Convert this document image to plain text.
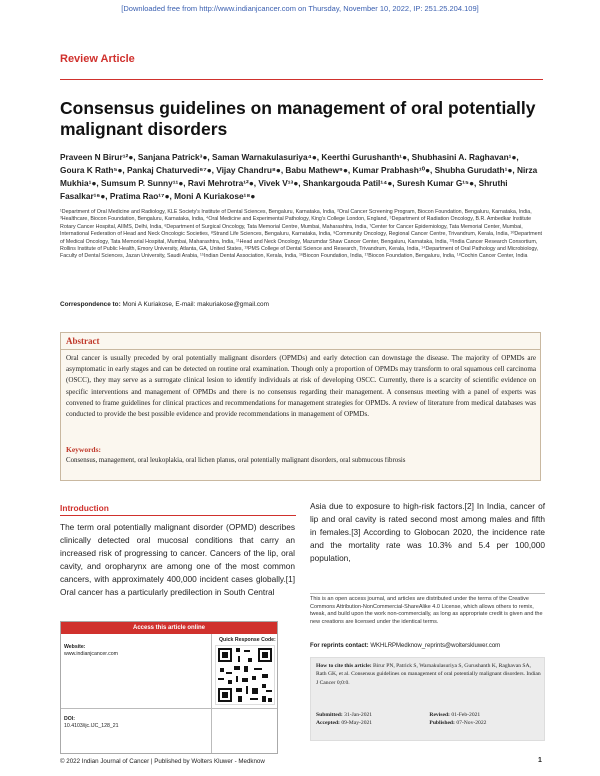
[Downloaded free from http://www.indianjcancer.com on Thursday, November 10, 2022, IP: 251.25.204.109]
Review Article
Consensus guidelines on management of oral potentially malignant disorders
Praveen N Birur¹²●, Sanjana Patrick³●, Saman Warnakulasuriya⁴●, Keerthi Gurushanth¹●, Shubhasini A. Raghavan¹●, Goura K Rath⁵●, Pankaj Chaturvedi⁶⁷●, Vijay Chandru⁸●, Babu Mathew⁹●, Kumar Prabhash¹⁰●, Shubha Gurudath¹●, Nirza Mukhia¹●, Sumsum P. Sunny¹¹●, Ravi Mehrotra¹²●, Vivek V¹³●, Shankargouda Patil¹⁴●, Suresh Kumar G¹⁵●, Shruthi Fasalkar¹⁶●, Pratima Rao¹⁷●, Moni A Kuriakose¹⁸●
¹Department of Oral Medicine and Radiology, KLE Society's Institute of Dental Sciences, Bengaluru, Karnataka, India, ²Oral Cancer Screening Program, Biocon Foundation, Bengaluru, Karnataka, India, ³Healthcare, Biocon Foundation, Bengaluru, Karnataka, India, ⁴Oral Medicine and Experimental Pathology, King's College London, England, ⁵Department of Radiation Oncology, B.R. Ambedkar Institute Rotary Cancer Hospital, AIIMS, Delhi, India, ⁶Department of Surgical Oncology, Tata Memorial Centre, Mumbai, Maharashtra, India, ⁷Center for Cancer Epidemiology, Tata Memorial Center, Mumbai, International Federation of Head and Neck Oncologic Societies, ⁸Strand Life Sciences, Bengaluru, Karnataka, India, ⁹Community Oncology, Regional Cancer Centre, Trivandrum, Kerala, India, ¹⁰Department of Medical Oncology, Tata Memorial Hospital, Mumbai, Maharashtra, India, ¹¹Head and Neck Oncology, Mazumdar Shaw Cancer Center, Bengaluru, Karnataka, India, ¹²India Cancer Research Consortium, Rollins Institute of Public Health, Emory University, Atlanta, GA, United States, ¹³PMS College of Dental Science and Research, Trivandrum, Kerala, India, ¹⁴Department of Oral Pathology and Microbiology, Faculty of Dental Sciences, Jazan University, Saudi Arabia, ¹⁵Indian Dental Association, Kerala, India, ¹⁶Biocon Foundation, India, ¹⁷Biocon Foundation, Bengaluru, India, ¹⁸Cochin Cancer Center, India
Correspondence to: Moni A Kuriakose, E-mail: makuriakose@gmail.com
Abstract
Oral cancer is usually preceded by oral potentially malignant disorders (OPMDs) and early detection can downstage the disease. The majority of OPMDs are asymptomatic in early stages and can be detected on routine oral examination. Though only a proportion of OPMDs may transform to oral squamous cell carcinoma (OSCC), they may serve as a surrogate clinical lesion to identify individuals at risk of developing OSCC. Currently, there is a scarcity of scientific evidence on specific interventions and management of OPMDs and there is no consensus regarding their management. A consensus meeting with a panel of experts was convened to frame guidelines for clinical practices and recommendations for management strategies for OPMDs. A review of literature from medical databases was conducted to provide the best possible evidence and provide recommendations in management of OPMDs.
Keywords:
Consensus, management, oral leukoplakia, oral lichen planus, oral potentially malignant disorders, oral submucous fibrosis
Introduction
The term oral potentially malignant disorder (OPMD) describes clinically detected oral mucosal conditions that carry an increased risk of progressing to cancer. Cancers of the lip, oral cavity, and oropharynx are among one of the most common cancers, with approximately 400,000 incident cases globally.[1] Oral cancer has a particularly predilection in South Central
Asia due to exposure to high-risk factors.[2] In India, cancer of lip and oral cavity is rated second most among males and fifth in females.[3] According to Globocan 2020, the incidence rate and the mortality rate was 10.3% and 5.4 per 100,000 population,
Access this article online
Quick Response Code:
Website:
www.indianjcancer.com
DOI:
10.4103/ijc.IJC_128_21
This is an open access journal, and articles are distributed under the terms of the Creative Commons Attribution-NonCommercial-ShareAlike 4.0 License, which allows others to remix, tweak, and build upon the work non-commercially, as long as appropriate credit is given and the new creations are licensed under the identical terms.
For reprints contact: WKHLRPMedknow_reprints@wolterskluwer.com
How to cite this article: Birur PN, Patrick S, Warnakulasuriya S, Gurushanth K, Raghavan SA, Rath GK, et al. Consensus guidelines on management of oral potentially malignant disorders. Indian J Cancer 0;0:0.
Submitted: 31-Jan-2021	Revised: 01-Feb-2021
Accepted: 09-May-2021	Published: 07-Nov-2022
© 2022 Indian Journal of Cancer | Published by Wolters Kluwer - Medknow	1
